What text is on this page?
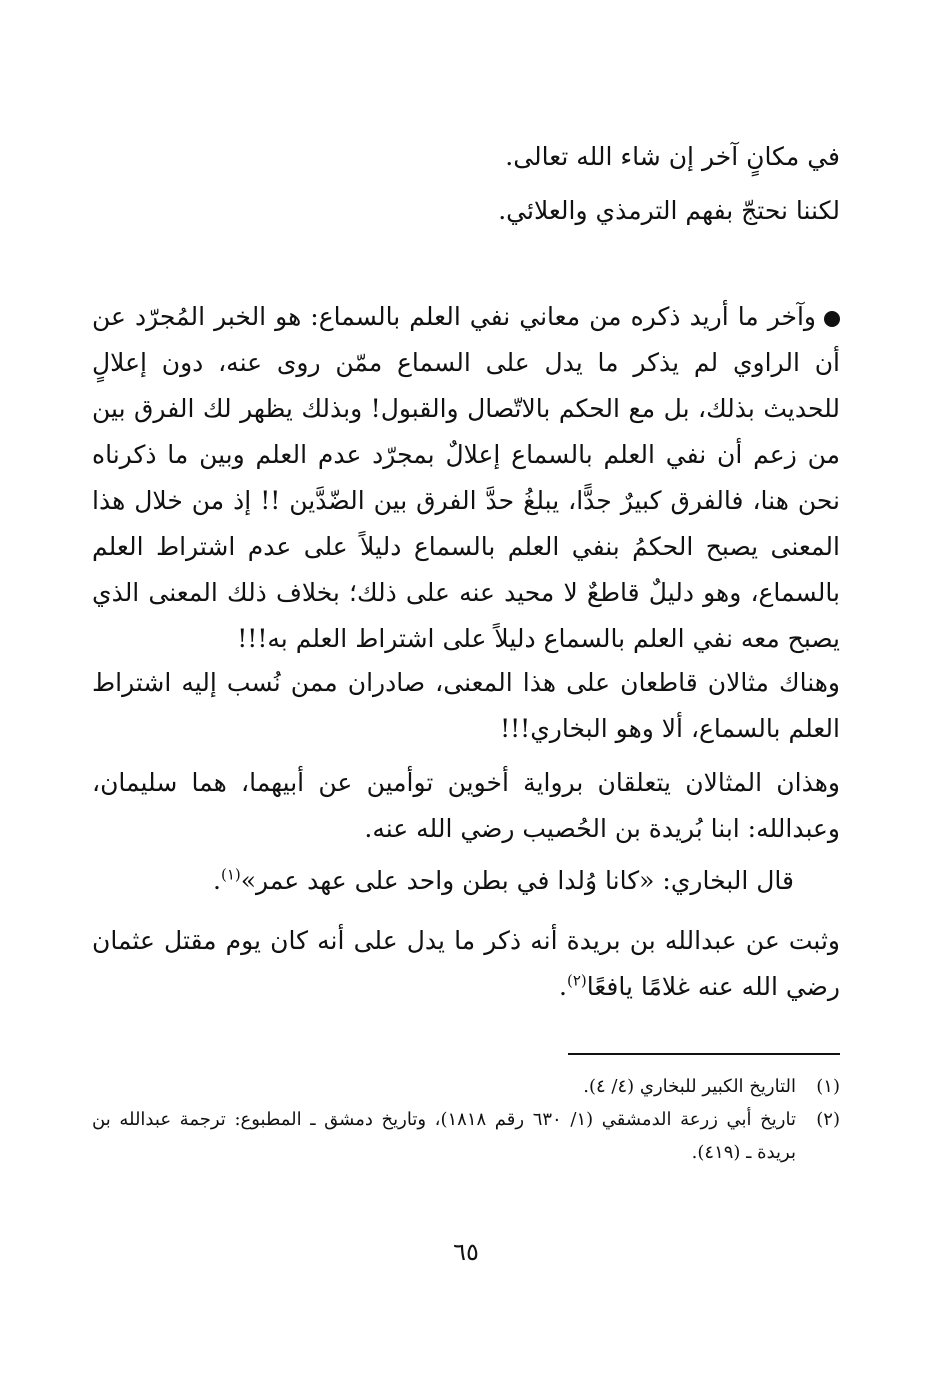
في مكانٍ آخر إن شاء الله تعالى.

لكننا نحتجّ بفهم الترمذي والعلائي.

وآخر ما أريد ذكره من معاني نفي العلم بالسماع: هو الخبر المُجرّد عن أن الراوي لم يذكر ما يدل على السماع ممّن روى عنه، دون إعلالٍ للحديث بذلك، بل مع الحكم بالاتّصال والقبول! وبذلك يظهر لك الفرق بين من زعم أن نفي العلم بالسماع إعلالٌ بمجرّد عدم العلم وبين ما ذكرناه نحن هنا، فالفرق كبيرٌ جدًّا، يبلغُ حدَّ الفرق بين الضّدَّين !! إذ من خلال هذا المعنى يصبح الحكمُ بنفي العلم بالسماع دليلاً على عدم اشتراط العلم بالسماع، وهو دليلٌ قاطعٌ لا محيد عنه على ذلك؛ بخلاف ذلك المعنى الذي يصبح معه نفي العلم بالسماع دليلاً على اشتراط العلم به!!!

وهناك مثالان قاطعان على هذا المعنى، صادران ممن نُسب إليه اشتراط العلم بالسماع، ألا وهو البخاري!!!

وهذان المثالان يتعلقان برواية أخوين توأمين عن أبيهما، هما سليمان، وعبدالله: ابنا بُريدة بن الحُصيب رضي الله عنه.

قال البخاري: «كانا وُلدا في بطن واحد على عهد عمر»$^{(١)}$.

وثبت عن عبدالله بن بريدة أنه ذكر ما يدل على أنه كان يوم مقتل عثمان رضي الله عنه غلامًا يافعًا$^{(٢)}$.

(١)
التاريخ الكبير للبخاري (٤/ ٤).
(٢)
تاريخ أبي زرعة الدمشقي (١/ ٦٣٠ رقم ١٨١٨)، وتاريخ دمشق ـ المطبوع: ترجمة عبدالله بن بريدة ـ (٤١٩).
٦٥
